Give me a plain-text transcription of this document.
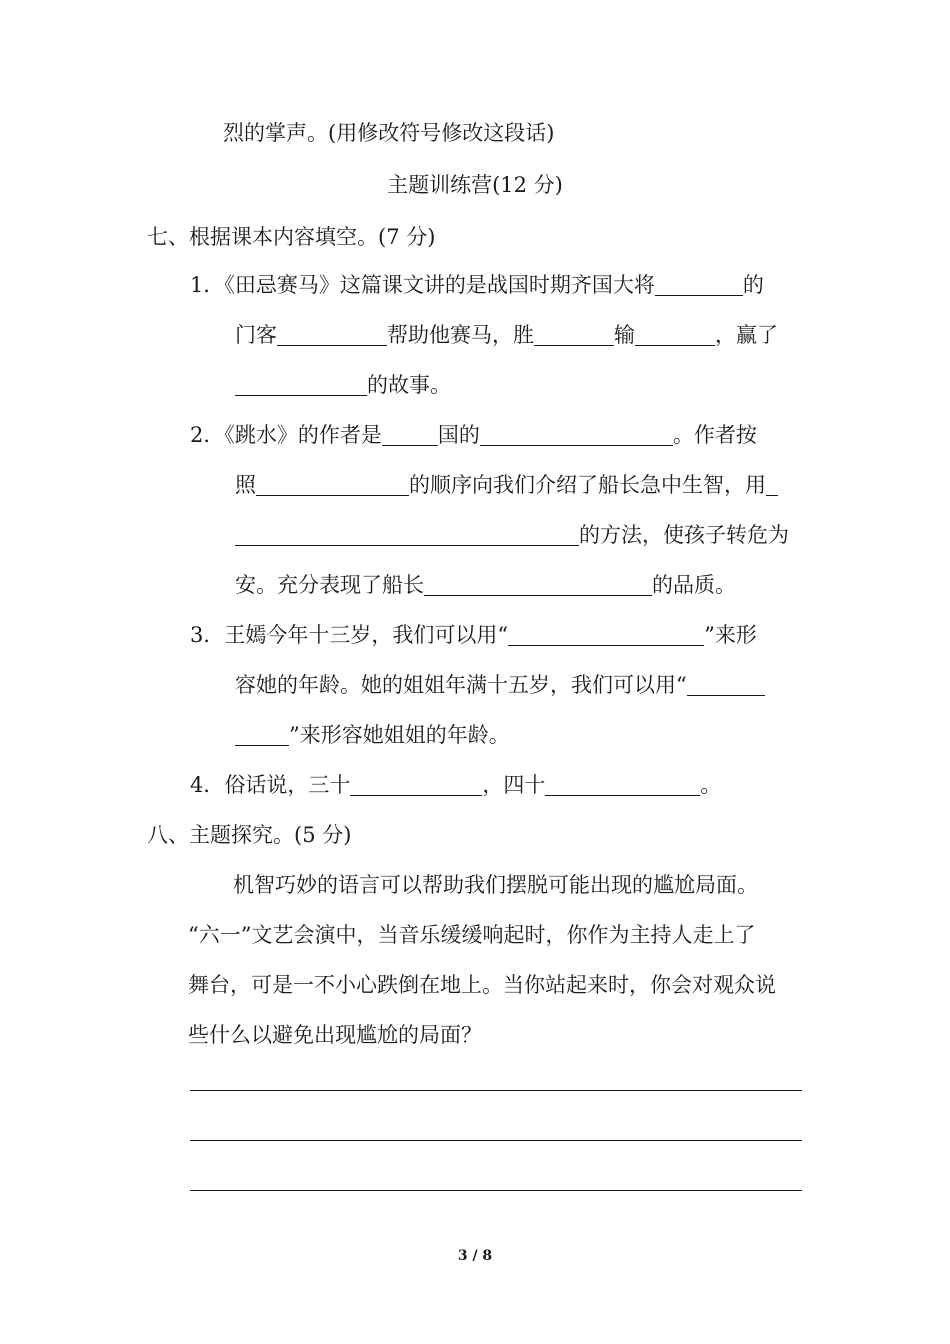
烈的掌声。(用修改符号修改这段话)
主题训练营(12 分)
七、根据课本内容填空。(7 分)
1．《田忌赛马》这篇课文讲的是战国时期齐国大将	的
门客	帮助他赛马，胜	输	，赢了
的故事。
2．《跳水》的作者是	国的	。作者按
照	的顺序向我们介绍了船长急中生智，用
的方法，使孩子转危为
安。充分表现了船长	的品质。
3．王嫣今年十三岁，我们可以用“	”来形
容她的年龄。她的姐姐年满十五岁，我们可以用“
”来形容她姐姐的年龄。
4．俗话说，三十	，四十	。
八、主题探究。(5 分)
机智巧妙的语言可以帮助我们摆脱可能出现的尴尬局面。
“六一”文艺会演中，当音乐缓缓响起时，你作为主持人走上了
舞台，可是一不小心跌倒在地上。当你站起来时，你会对观众说
些什么以避免出现尴尬的局面？
3 / 8
